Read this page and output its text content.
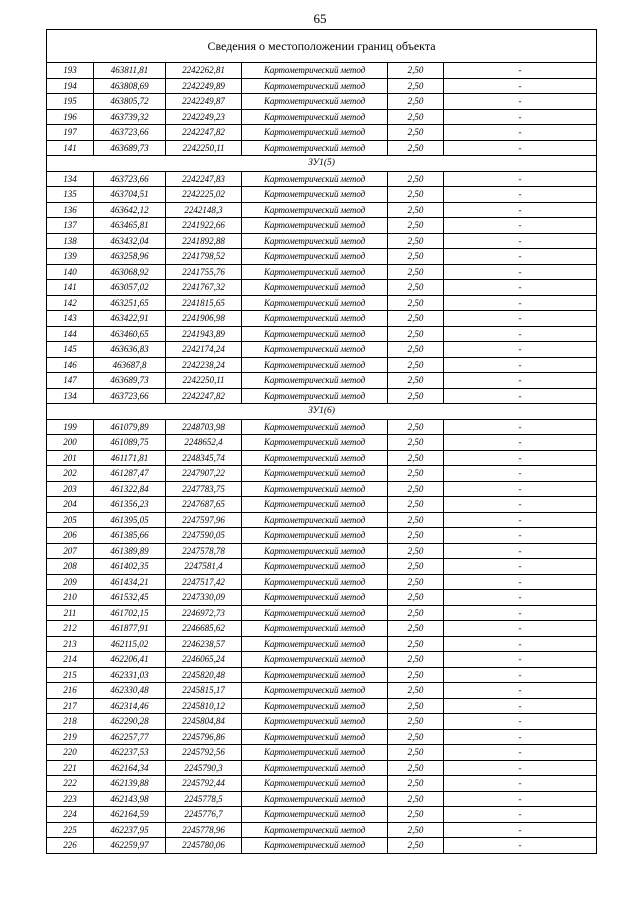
65
Сведения о местоположении границ объекта					
193	463811,81	2242262,81	Картометрический метод	2,50	-
194	463808,69	2242249,89	Картометрический метод	2,50	-
195	463805,72	2242249,87	Картометрический метод	2,50	-
196	463739,32	2242249,23	Картометрический метод	2,50	-
197	463723,66	2242247,82	Картометрический метод	2,50	-
141	463689,73	2242250,11	Картометрический метод	2,50	-
ЗУ1(5)					
134	463723,66	2242247,83	Картометрический метод	2,50	-
135	463704,51	2242225,02	Картометрический метод	2,50	-
136	463642,12	2242148,3	Картометрический метод	2,50	-
137	463465,81	2241922,66	Картометрический метод	2,50	-
138	463432,04	2241892,88	Картометрический метод	2,50	-
139	463258,96	2241798,52	Картометрический метод	2,50	-
140	463068,92	2241755,76	Картометрический метод	2,50	-
141	463057,02	2241767,32	Картометрический метод	2,50	-
142	463251,65	2241815,65	Картометрический метод	2,50	-
143	463422,91	2241906,98	Картометрический метод	2,50	-
144	463460,65	2241943,89	Картометрический метод	2,50	-
145	463636,83	2242174,24	Картометрический метод	2,50	-
146	463687,8	2242238,24	Картометрический метод	2,50	-
147	463689,73	2242250,11	Картометрический метод	2,50	-
134	463723,66	2242247,82	Картометрический метод	2,50	-
ЗУ1(6)					
199	461079,89	2248703,98	Картометрический метод	2,50	-
200	461089,75	2248652,4	Картометрический метод	2,50	-
201	461171,81	2248345,74	Картометрический метод	2,50	-
202	461287,47	2247907,22	Картометрический метод	2,50	-
203	461322,84	2247783,75	Картометрический метод	2,50	-
204	461356,23	2247687,65	Картометрический метод	2,50	-
205	461395,05	2247597,96	Картометрический метод	2,50	-
206	461385,66	2247590,05	Картометрический метод	2,50	-
207	461389,89	2247578,78	Картометрический метод	2,50	-
208	461402,35	2247581,4	Картометрический метод	2,50	-
209	461434,21	2247517,42	Картометрический метод	2,50	-
210	461532,45	2247330,09	Картометрический метод	2,50	-
211	461702,15	2246972,73	Картометрический метод	2,50	-
212	461877,91	2246685,62	Картометрический метод	2,50	-
213	462115,02	2246238,57	Картометрический метод	2,50	-
214	462206,41	2246065,24	Картометрический метод	2,50	-
215	462331,03	2245820,48	Картометрический метод	2,50	-
216	462330,48	2245815,17	Картометрический метод	2,50	-
217	462314,46	2245810,12	Картометрический метод	2,50	-
218	462290,28	2245804,84	Картометрический метод	2,50	-
219	462257,77	2245796,86	Картометрический метод	2,50	-
220	462237,53	2245792,56	Картометрический метод	2,50	-
221	462164,34	2245790,3	Картометрический метод	2,50	-
222	462139,88	2245792,44	Картометрический метод	2,50	-
223	462143,98	2245778,5	Картометрический метод	2,50	-
224	462164,59	2245776,7	Картометрический метод	2,50	-
225	462237,95	2245778,96	Картометрический метод	2,50	-
226	462259,97	2245780,06	Картометрический метод	2,50	-
